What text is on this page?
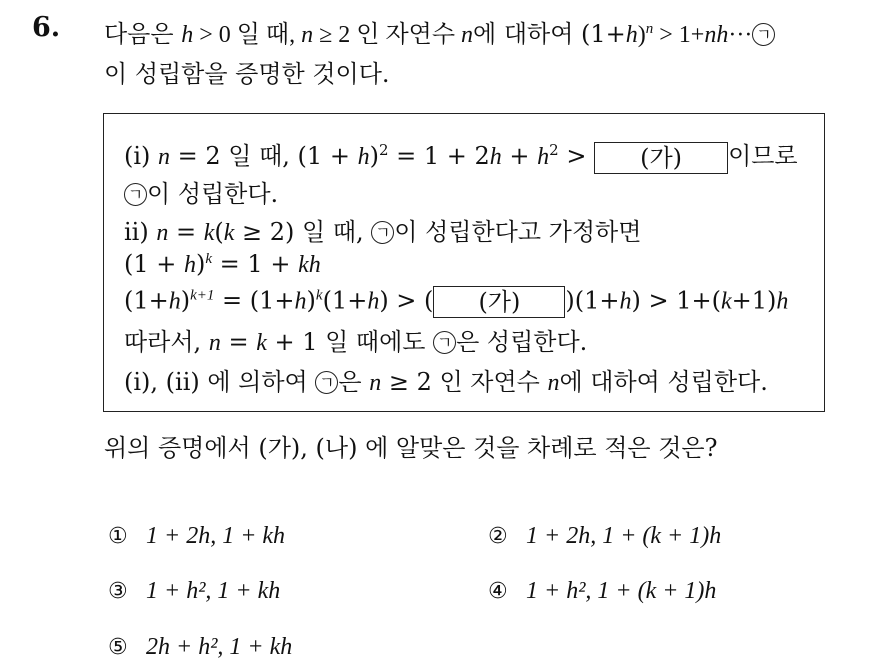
6. 다음은 h > 0 일 때, n ≥ 2 인 자연수 n에 대하여 $(1+h)^n > 1+nh\cdot\cdot\cdot$ ㄱ
이 성립함을 증명한 것이다.
(i) n = 2 일 때, $(1 + h)^2 = 1 + 2h + h^2$ > (가) 이므로
ㄱ 이 성립한다.
ii) n = k(k ≥ 2) 일 때, ㄱ 이 성립한다고 가정하면
$(1 + h)^k = 1$ + kh
$(1+h)^{k+1} = (1+h)^k(1+h)$ > ( (가) )(1+h) > 1+(k+1)h
따라서, n = k + 1 일 때에도 ㄱ 은 성립한다.
(i), (ii) 에 의하여 ㄱ 은 n ≥ 2 인 자연수 n에 대하여 성립한다.
위의 증명에서 (가), (나) 에 알맞은 것을 차례로 적은 것은?
① 1 + 2h, 1 + kh	② 1 + 2h, 1 + (k + 1)h
③ 1 + h², 1 + kh	④ 1 + h², 1 + (k + 1)h
⑤ 2h + h², 1 + kh
